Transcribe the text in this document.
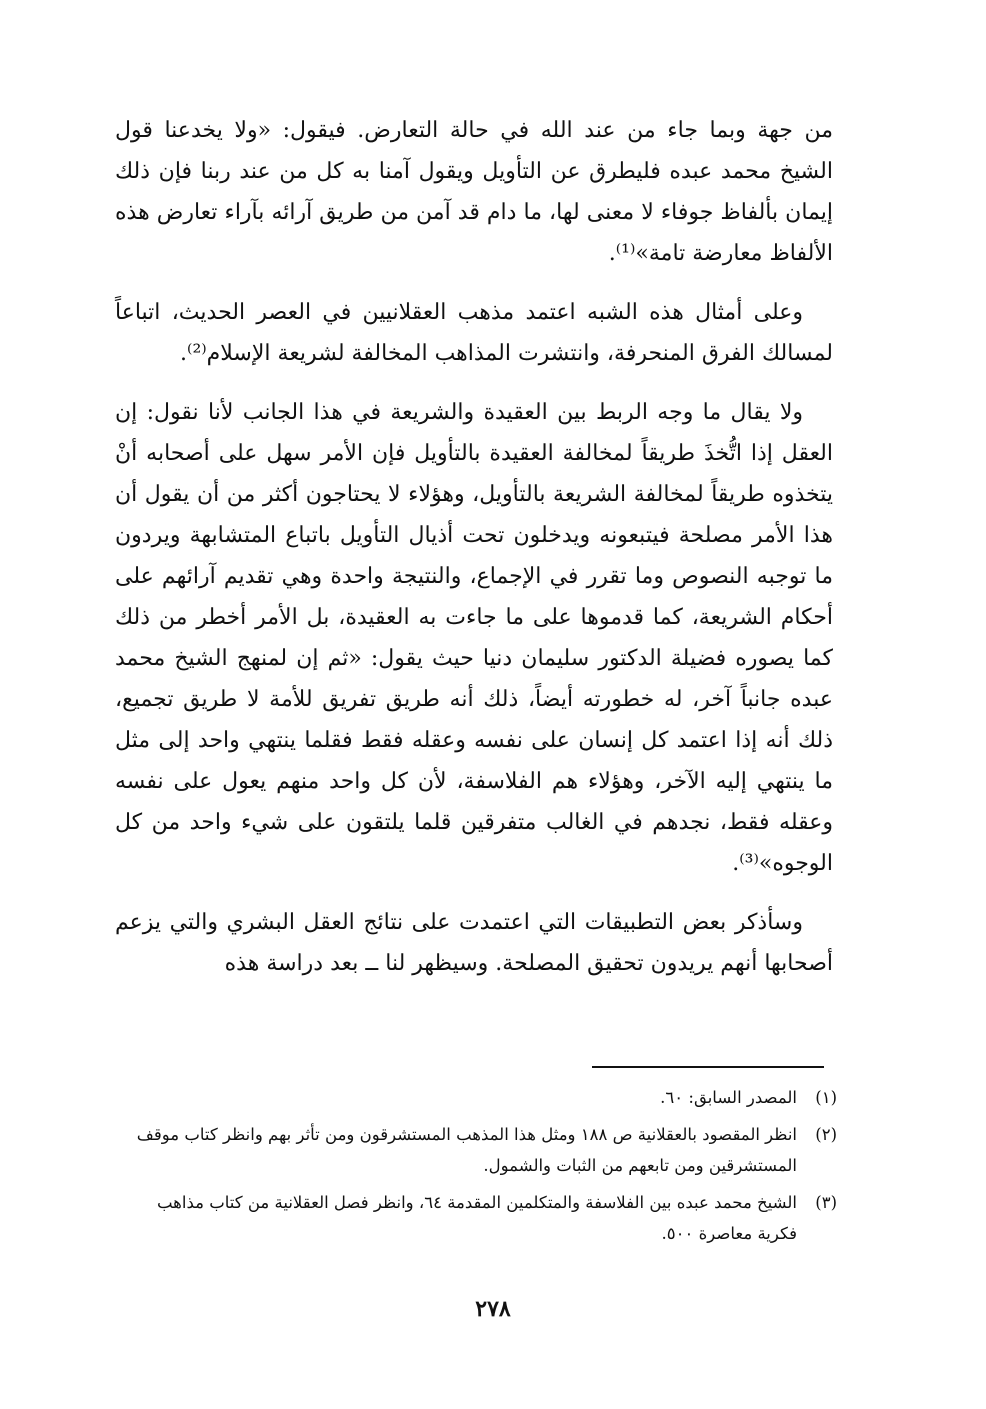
من جهة وبما جاء من عند الله في حالة التعارض. فيقول: «ولا يخدعنا قول الشيخ محمد عبده فليطرق عن التأويل ويقول آمنا به كل من عند ربنا فإن ذلك إيمان بألفاظ جوفاء لا معنى لها، ما دام قد آمن من طريق آرائه بآراء تعارض هذه الألفاظ معارضة تامة»⁽¹⁾.

وعلى أمثال هذه الشبه اعتمد مذهب العقلانيين في العصر الحديث، اتباعاً لمسالك الفرق المنحرفة، وانتشرت المذاهب المخالفة لشريعة الإسلام⁽²⁾.

ولا يقال ما وجه الربط بين العقيدة والشريعة في هذا الجانب لأنا نقول: إن العقل إذا اتُّخذَ طريقاً لمخالفة العقيدة بالتأويل فإن الأمر سهل على أصحابه أنْ يتخذوه طريقاً لمخالفة الشريعة بالتأويل، وهؤلاء لا يحتاجون أكثر من أن يقول أن هذا الأمر مصلحة فيتبعونه ويدخلون تحت أذيال التأويل باتباع المتشابهة ويردون ما توجبه النصوص وما تقرر في الإجماع، والنتيجة واحدة وهي تقديم آرائهم على أحكام الشريعة، كما قدموها على ما جاءت به العقيدة، بل الأمر أخطر من ذلك كما يصوره فضيلة الدكتور سليمان دنيا حيث يقول: «ثم إن لمنهج الشيخ محمد عبده جانباً آخر، له خطورته أيضاً، ذلك أنه طريق تفريق للأمة لا طريق تجميع، ذلك أنه إذا اعتمد كل إنسان على نفسه وعقله فقط فقلما ينتهي واحد إلى مثل ما ينتهي إليه الآخر، وهؤلاء هم الفلاسفة، لأن كل واحد منهم يعول على نفسه وعقله فقط، نجدهم في الغالب متفرقين قلما يلتقون على شيء واحد من كل الوجوه»⁽³⁾.

وسأذكر بعض التطبيقات التي اعتمدت على نتائج العقل البشري والتي يزعم أصحابها أنهم يريدون تحقيق المصلحة. وسيظهر لنا ــ بعد دراسة هذه

(١)المصدر السابق: ٦٠.

(٢)انظر المقصود بالعقلانية ص ١٨٨ ومثل هذا المذهب المستشرقون ومن تأثر بهم وانظر كتاب موقف المستشرقين ومن تابعهم من الثبات والشمول.

(٣)الشيخ محمد عبده بين الفلاسفة والمتكلمين المقدمة ٦٤، وانظر فصل العقلانية من كتاب مذاهب فكرية معاصرة ٥٠٠.

٢٧٨
